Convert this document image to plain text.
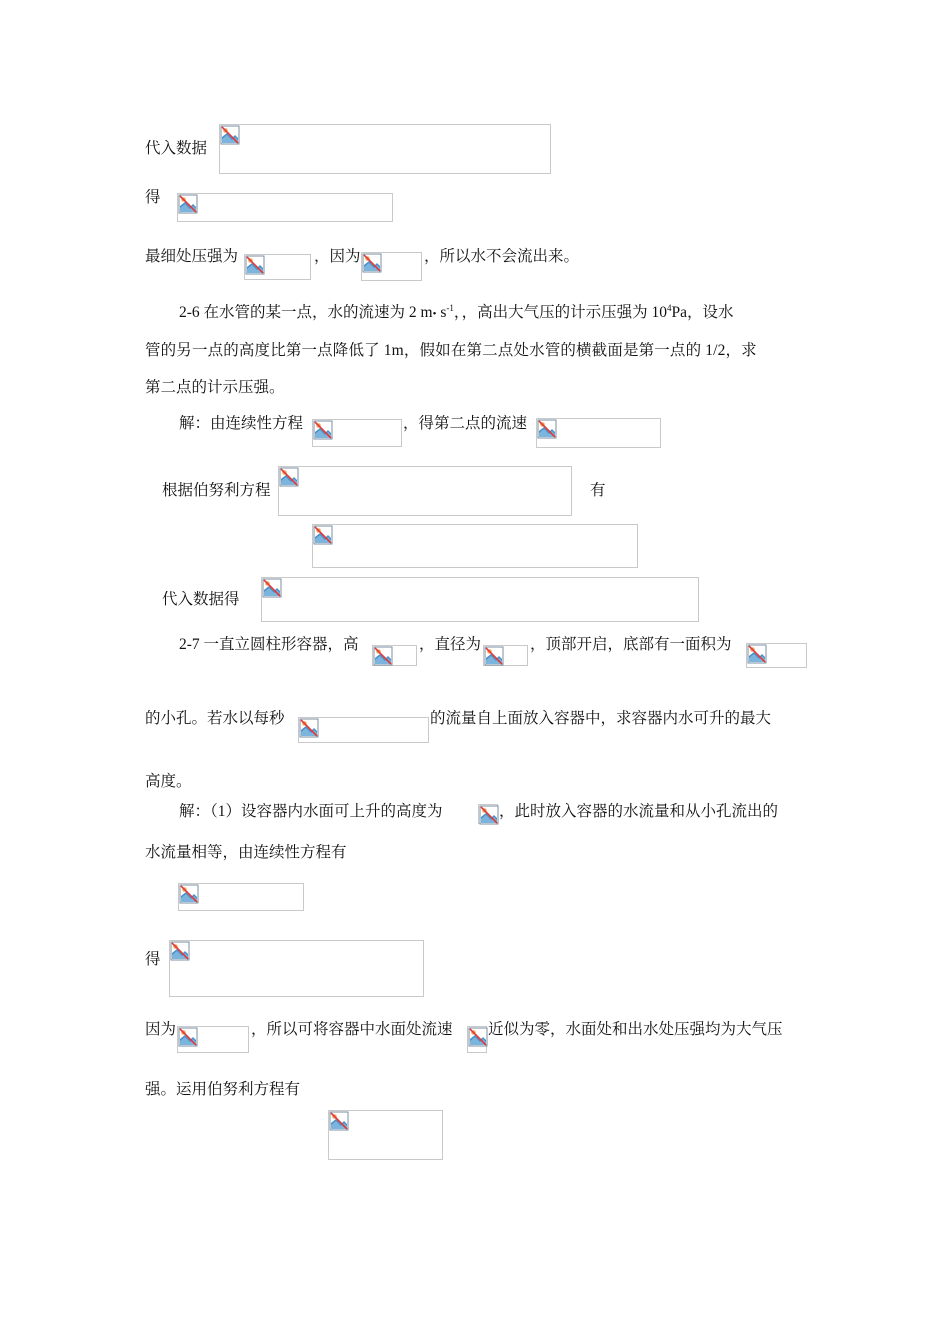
代入数据
得
最细处压强为	，因为	，所以水不会流出来。
2-6 在水管的某一点，水的流速为 2 m• $s^{-1}$，，高出大气压的计示压强为 $10^4Pa$，设水
管的另一点的高度比第一点降低了 1m，假如在第二点处水管的横截面是第一点的 1/2，求
第二点的计示压强。
解：由连续性方程	，得第二点的流速
根据伯努利方程	有
代入数据得
2-7 一直立圆柱形容器，高	，直径为	，顶部开启，底部有一面积为
的小孔。若水以每秒	的流量自上面放入容器中，求容器内水可升的最大
高度。
解：（1）设容器内水面可上升的高度为	，此时放入容器的水流量和从小孔流出的
水流量相等，由连续性方程有
得
因为	，所以可将容器中水面处流速 近似为零，水面处和出水处压强均为大气压
强。运用伯努利方程有
